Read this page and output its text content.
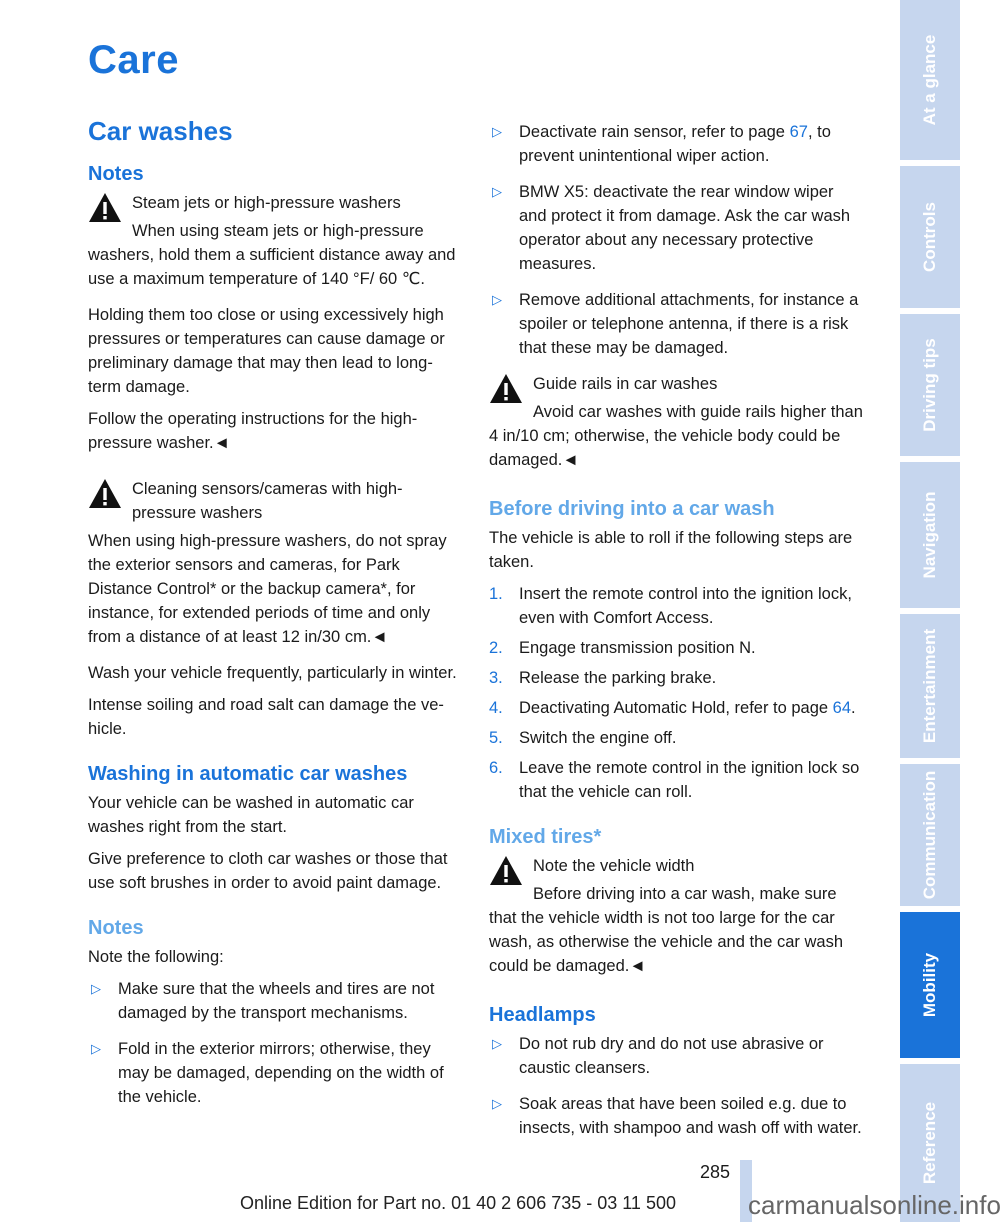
Care
Car washes
Notes

Steam jets or high-pressure washers

When using steam jets or high-pressure washers, hold them a sufficient distance away and use a maximum temperature of 140 °F/ 60 ℃.

Holding them too close or using excessively high pressures or temperatures can cause damage or preliminary damage that may then lead to long-term damage.

Follow the operating instructions for the high-pressure washer.◄

Cleaning sensors/cameras with high-pressure washers

When using high-pressure washers, do not spray the exterior sensors and cameras, for Park Distance Control* or the backup camera*, for instance, for extended periods of time and only from a distance of at least 12 in/30 cm.◄

Wash your vehicle frequently, particularly in winter.

Intense soiling and road salt can damage the vehicle.

Washing in automatic car washes

Your vehicle can be washed in automatic car washes right from the start.

Give preference to cloth car washes or those that use soft brushes in order to avoid paint damage.

Notes

Note the following:

▷ Make sure that the wheels and tires are not damaged by the transport mechanisms.
▷ Fold in the exterior mirrors; otherwise, they may be damaged, depending on the width of the vehicle.
▷ Deactivate rain sensor, refer to page 67, to prevent unintentional wiper action.
▷ BMW X5: deactivate the rear window wiper and protect it from damage. Ask the car wash operator about any necessary protective measures.
▷ Remove additional attachments, for instance a spoiler or telephone antenna, if there is a risk that these may be damaged.

Guide rails in car washes

Avoid car washes with guide rails higher than 4 in/10 cm; otherwise, the vehicle body could be damaged.◄

Before driving into a car wash

The vehicle is able to roll if the following steps are taken.

1. Insert the remote control into the ignition lock, even with Comfort Access.
2. Engage transmission position N.
3. Release the parking brake.
4. Deactivating Automatic Hold, refer to page 64.
5. Switch the engine off.
6. Leave the remote control in the ignition lock so that the vehicle can roll.
Mixed tires*

Note the vehicle width

Before driving into a car wash, make sure that the vehicle width is not too large for the car wash, as otherwise the vehicle and the car wash could be damaged.◄

Headlamps
▷ Do not rub dry and do not use abrasive or caustic cleansers.
▷ Soak areas that have been soiled e.g. due to insects, with shampoo and wash off with water.
At a glance
Controls
Driving tips
Navigation
Entertainment
Communication
Mobility
Reference
285
Online Edition for Part no. 01 40 2 606 735 - 03 11 500	carmanualsonline.info
